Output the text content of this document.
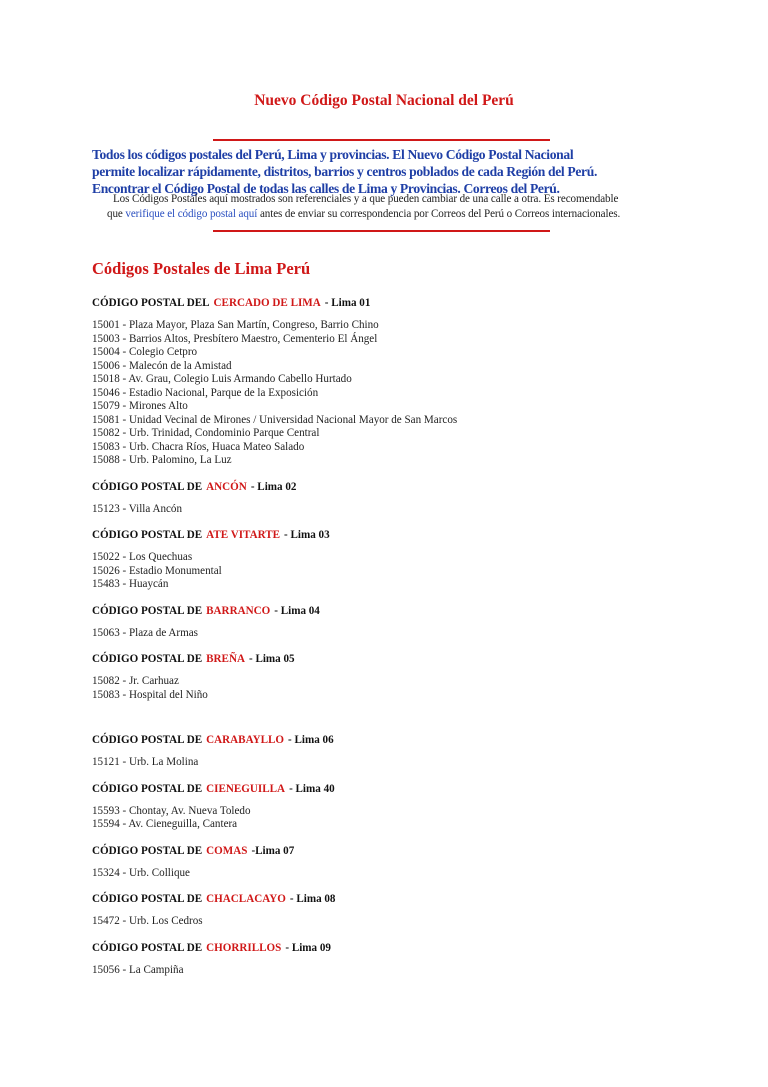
Nuevo Código Postal Nacional del Perú
Todos los códigos postales del Perú, Lima y provincias. El Nuevo Código Postal Nacional
permite localizar rápidamente, distritos, barrios y centros poblados de cada Región del Perú.
Encontrar el Código Postal de todas las calles de Lima y Provincias. Correos del Perú.
Los Códigos Postales aquí mostrados son referenciales y a que pueden cambiar de una calle a otra. Es recomendable
que verifique el código postal aquí antes de enviar su correspondencia por Correos del Perú o Correos internacionales.
Códigos Postales de Lima Perú
CÓDIGO POSTAL DEL CERCADO DE LIMA - Lima 01
15001 - Plaza Mayor, Plaza San Martín, Congreso, Barrio Chino
15003 - Barrios Altos, Presbítero Maestro, Cementerio El Ángel
15004 - Colegio Cetpro
15006 - Malecón de la Amistad
15018 - Av. Grau, Colegio Luis Armando Cabello Hurtado
15046 - Estadio Nacional, Parque de la Exposición
15079 - Mirones Alto
15081 - Unidad Vecinal de Mirones / Universidad Nacional Mayor de San Marcos
15082 - Urb. Trinidad, Condominio Parque Central
15083 - Urb. Chacra Ríos, Huaca Mateo Salado
15088 - Urb. Palomino, La Luz
CÓDIGO POSTAL DE ANCÓN - Lima 02
15123 - Villa Ancón
CÓDIGO POSTAL DE ATE VITARTE - Lima 03
15022 - Los Quechuas
15026 - Estadio Monumental
15483 - Huaycán
CÓDIGO POSTAL DE BARRANCO - Lima 04
15063 - Plaza de Armas
CÓDIGO POSTAL DE BREÑA - Lima 05
15082 - Jr. Carhuaz
15083 - Hospital del Niño
CÓDIGO POSTAL DE CARABAYLLO - Lima 06
15121 - Urb. La Molina
CÓDIGO POSTAL DE CIENEGUILLA - Lima 40
15593 - Chontay, Av. Nueva Toledo
15594 - Av. Cieneguilla, Cantera
CÓDIGO POSTAL DE COMAS -Lima 07
15324 - Urb. Collique
CÓDIGO POSTAL DE CHACLACAYO - Lima 08
15472 - Urb. Los Cedros
CÓDIGO POSTAL DE CHORRILLOS - Lima 09
15056 - La Campiña
